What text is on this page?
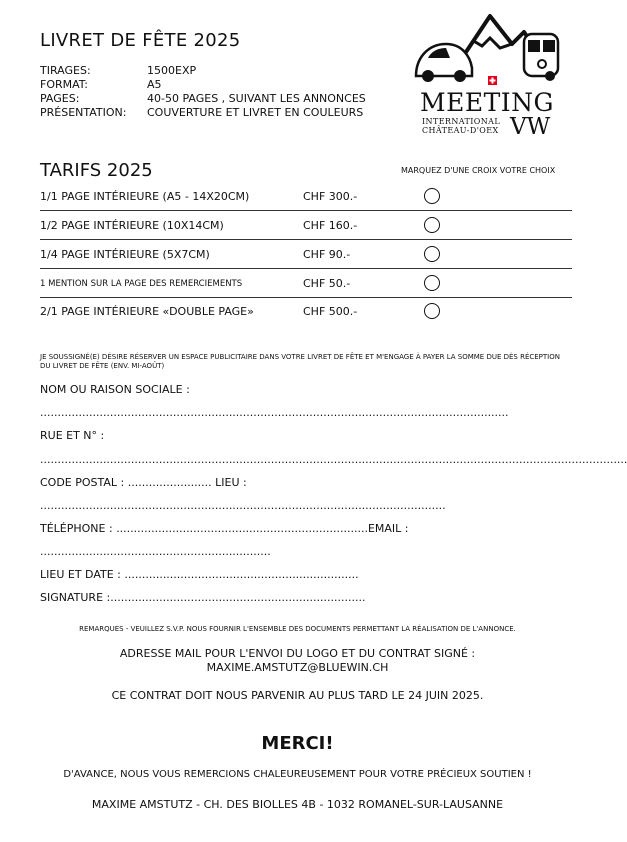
LIVRET DE FÊTE 2025
TIRAGES:	1500EXP
FORMAT:	A5
PAGES:	40-50 PAGES , SUIVANT LES ANNONCES
PRÉSENTATION:	COUVERTURE ET LIVRET EN COULEURS MEETING
INTERNATIONAL
CHÂTEAU-D'OEX VW
TARIFS 2025	MARQUEZ D'UNE CROIX VOTRE CHOIX
1/1 PAGE INTÉRIEURE (A5 - 14X20CM)	CHF 300.-
1/2 PAGE INTÉRIEURE (10X14CM)	CHF 160.-
1/4 PAGE INTÉRIEURE (5X7CM)	CHF 90.-
1 MENTION SUR LA PAGE DES REMERCIEMENTS	CHF 50.-
2/1 PAGE INTÉRIEURE «DOUBLE PAGE»	CHF 500.-
JE SOUSSIGNÉ(E) DÉSIRE RÉSERVER UN ESPACE PUBLICITAIRE DANS VOTRE LIVRET DE FÊTE ET M'ENGAGE À PAYER LA SOMME DUE DÈS RÉCEPTION DU LIVRET DE FÊTE (ENV. MI-AOÛT)
NOM OU RAISON SOCIALE :
......................................................................................................................................
RUE ET N° :
........................................................................................................................................................................
CODE POSTAL : ........................ LIEU :
....................................................................................................................
TÉLÉPHONE : ........................................................................EMAIL :
..................................................................
LIEU ET DATE : ...................................................................
SIGNATURE :.........................................................................
REMARQUES - VEUILLEZ S.V.P. NOUS FOURNIR L'ENSEMBLE DES DOCUMENTS PERMETTANT LA RÉALISATION DE L'ANNONCE.
ADRESSE MAIL POUR L'ENVOI DU LOGO ET DU CONTRAT SIGNÉ :
MAXIME.AMSTUTZ@BLUEWIN.CH
CE CONTRAT DOIT NOUS PARVENIR AU PLUS TARD LE 24 JUIN 2025.
MERCI!
D'AVANCE, NOUS VOUS REMERCIONS CHALEUREUSEMENT POUR VOTRE PRÉCIEUX SOUTIEN !
MAXIME AMSTUTZ - CH. DES BIOLLES 4B - 1032 ROMANEL-SUR-LAUSANNE
